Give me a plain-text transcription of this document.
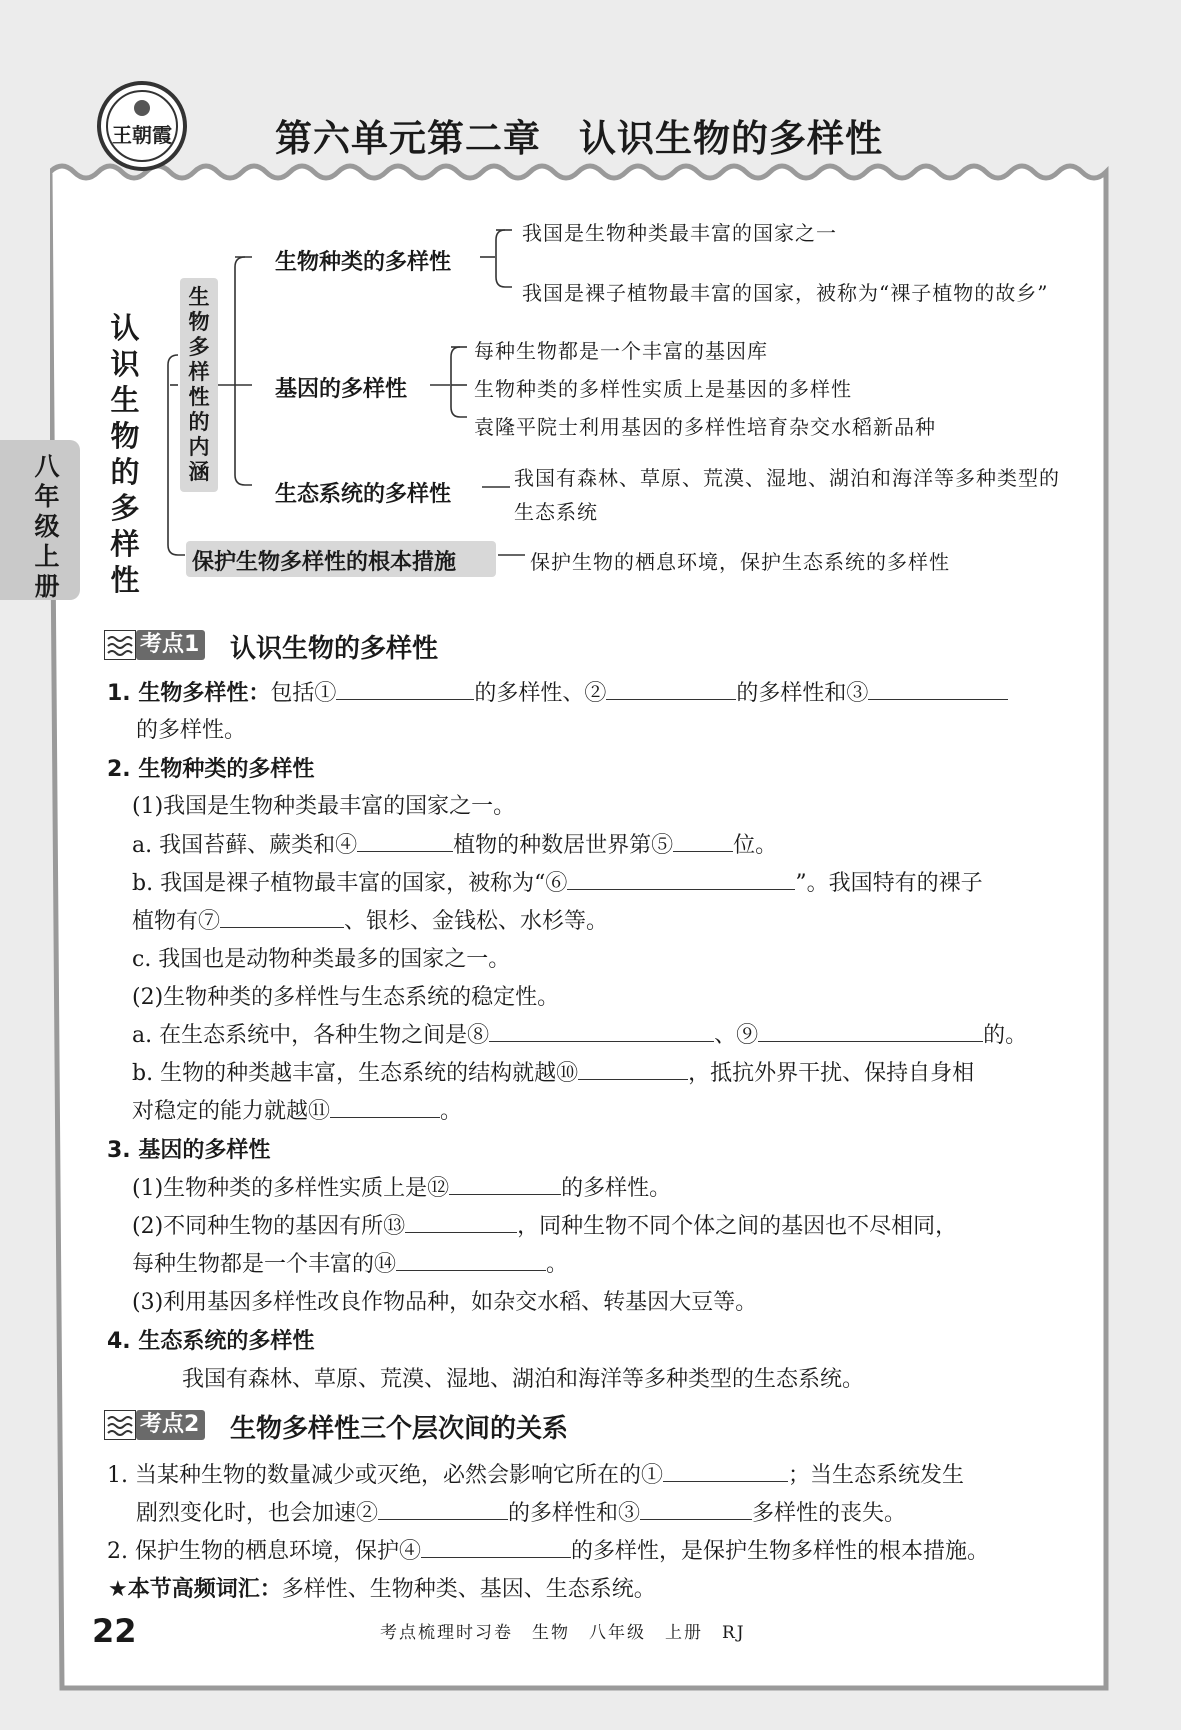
王朝霞	第六单元第二章　认识生物的多样性
八年级上册
认识生物的多样性
生物多样性的内涵
生物种类的多样性
我国是生物种类最丰富的国家之一
我国是裸子植物最丰富的国家，被称为“裸子植物的故乡”
基因的多样性
每种生物都是一个丰富的基因库
生物种类的多样性实质上是基因的多样性
袁隆平院士利用基因的多样性培育杂交水稻新品种
生态系统的多样性
我国有森林、草原、荒漠、湿地、湖泊和海洋等多种类型的
生态系统
保护生物多样性的根本措施	保护生物的栖息环境，保护生态系统的多样性
考点1 认识生物的多样性
1. 生物多样性：包括①	的多样性、②	的多样性和③
的多样性。
2. 生物种类的多样性
(1)我国是生物种类最丰富的国家之一。
a. 我国苔藓、蕨类和④	植物的种数居世界第⑤	位。
b. 我国是裸子植物最丰富的国家，被称为“⑥	”。我国特有的裸子
植物有⑦	、银杉、金钱松、水杉等。
c. 我国也是动物种类最多的国家之一。
(2)生物种类的多样性与生态系统的稳定性。
a. 在生态系统中，各种生物之间是⑧	、⑨	的。
b. 生物的种类越丰富，生态系统的结构就越⑩	，抵抗外界干扰、保持自身相
对稳定的能力就越⑪	。
3. 基因的多样性
(1)生物种类的多样性实质上是⑫	的多样性。
(2)不同种生物的基因有所⑬	，同种生物不同个体之间的基因也不尽相同，
每种生物都是一个丰富的⑭	。
(3)利用基因多样性改良作物品种，如杂交水稻、转基因大豆等。
4. 生态系统的多样性
我国有森林、草原、荒漠、湿地、湖泊和海洋等多种类型的生态系统。
考点2 生物多样性三个层次间的关系
1. 当某种生物的数量减少或灭绝，必然会影响它所在的①	；当生态系统发生
剧烈变化时，也会加速②	的多样性和③	多样性的丧失。
2. 保护生物的栖息环境，保护④	的多样性，是保护生物多样性的根本措施。
★本节高频词汇：多样性、生物种类、基因、生态系统。
22	考点梳理时习卷　生物　八年级　上册　RJ
